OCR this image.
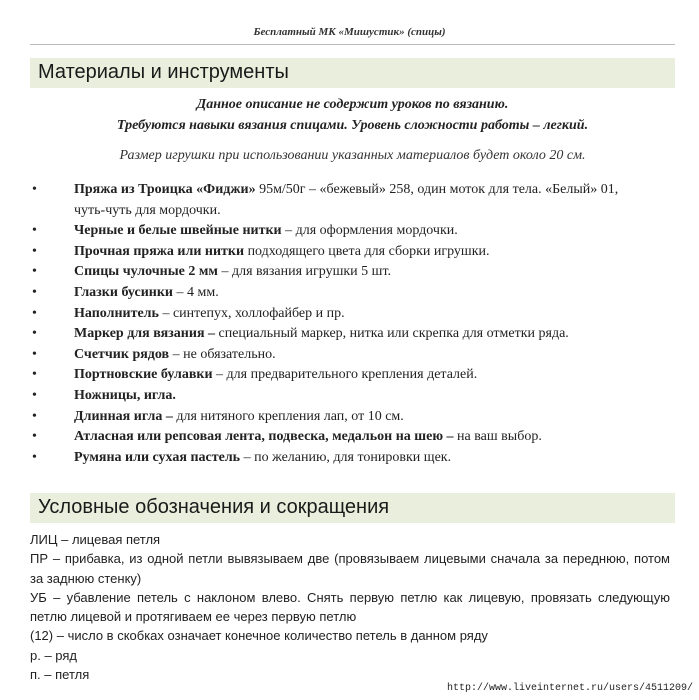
Бесплатный МК «Мишустик» (спицы)
Материалы и инструменты
Данное описание не содержит уроков по вязанию.
Требуются навыки вязания спицами. Уровень сложности работы – легкий.
Размер игрушки при использовании указанных материалов будет около 20 см.
•	Пряжа из Троицка «Фиджи» 95м/50г – «бежевый» 258, один моток для тела. «Белый» 01, чуть-чуть для мордочки.
•	Черные и белые швейные нитки – для оформления мордочки.
•	Прочная пряжа или нитки подходящего цвета для сборки игрушки.
•	Спицы чулочные 2 мм – для вязания игрушки 5 шт.
•	Глазки бусинки – 4 мм.
•	Наполнитель – синтепух, холлофайбер и пр.
•	Маркер для вязания – специальный маркер, нитка или скрепка для отметки ряда.
•	Счетчик рядов – не обязательно.
•	Портновские булавки – для предварительного крепления деталей.
•	Ножницы, игла.
•	Длинная игла – для нитяного крепления лап, от 10 см.
•	Атласная или репсовая лента, подвеска, медальон на шею – на ваш выбор.
•	Румяна или сухая пастель – по желанию, для тонировки щек.
Условные обозначения и сокращения
ЛИЦ – лицевая петля
ПР – прибавка, из одной петли вывязываем две (провязываем лицевыми сначала за переднюю, потом за заднюю стенку)
УБ – убавление петель с наклоном влево. Снять первую петлю как лицевую, провязать следующую петлю лицевой и протягиваем ее через первую петлю
(12) – число в скобках означает конечное количество петель в данном ряду
р. – ряд
п. – петля
http://www.liveinternet.ru/users/4511209/
